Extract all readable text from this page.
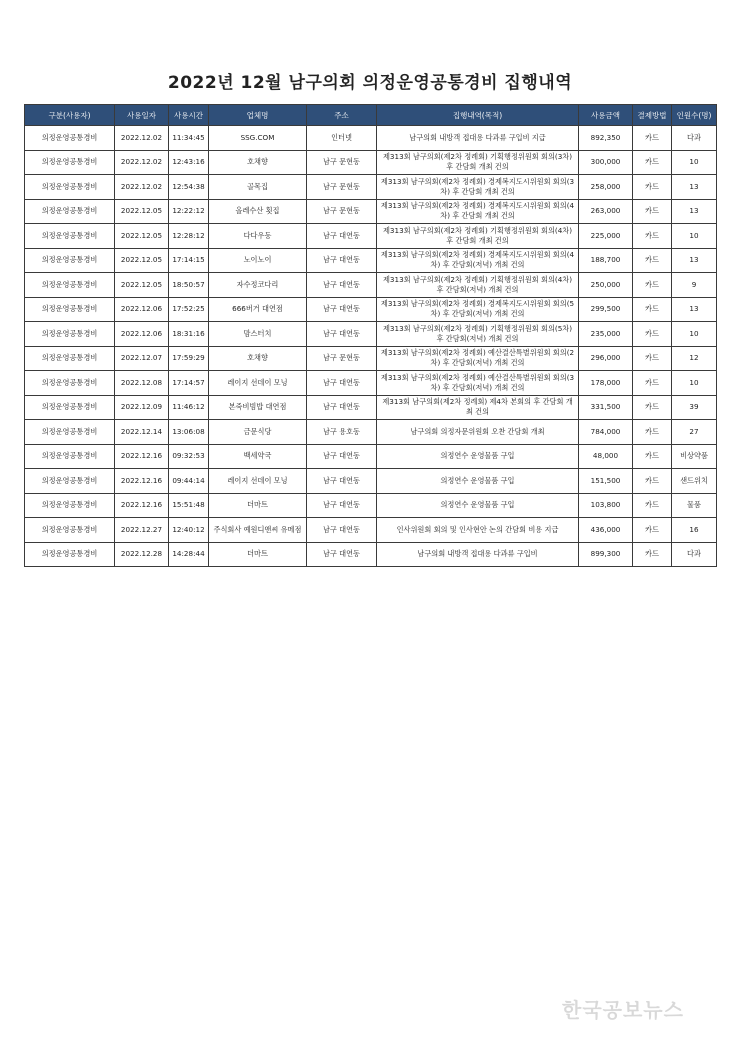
2022년 12월 남구의회 의정운영공통경비 집행내역
구분(사용자)	사용일자	사용시간	업체명	주소	집행내역(목적)	사용금액	결제방법	인원수(명)
의정운영공통경비	2022.12.02	11:34:45	SSG.COM	인터넷	남구의회 내방객 접대용 다과류 구입비 지급	892,350	카드	다과
의정운영공통경비	2022.12.02	12:43:16	호채향	남구 문현동	제313회 남구의회(제2차 정례회) 기획행정위원회 회의(3차) 후 간담회 개최 건의	300,000	카드	10
의정운영공통경비	2022.12.02	12:54:38	골목집	남구 문현동	제313회 남구의회(제2차 정례회) 경제복지도시위원회 회의(3차) 후 간담회 개최 건의	258,000	카드	13
의정운영공통경비	2022.12.05	12:22:12	올레수산 횟집	남구 문현동	제313회 남구의회(제2차 정례회) 경제복지도시위원회 회의(4차) 후 간담회 개최 건의	263,000	카드	13
의정운영공통경비	2022.12.05	12:28:12	다다우동	남구 대연동	제313회 남구의회(제2차 정례회) 기획행정위원회 회의(4차) 후 간담회 개최 건의	225,000	카드	10
의정운영공통경비	2022.12.05	17:14:15	노이노이	남구 대연동	제313회 남구의회(제2차 정례회) 경제복지도시위원회 회의(4차) 후 간담회(저녁) 개최 건의	188,700	카드	13
의정운영공통경비	2022.12.05	18:50:57	자수정코다리	남구 대연동	제313회 남구의회(제2차 정례회) 기획행정위원회 회의(4차) 후 간담회(저녁) 개최 건의	250,000	카드	9
의정운영공통경비	2022.12.06	17:52:25	666버거 대연점	남구 대연동	제313회 남구의회(제2차 정례회) 경제복지도시위원회 회의(5차) 후 간담회(저녁) 개최 건의	299,500	카드	13
의정운영공통경비	2022.12.06	18:31:16	맘스터치	남구 대연동	제313회 남구의회(제2차 정례회) 기획행정위원회 회의(5차) 후 간담회(저녁) 개최 건의	235,000	카드	10
의정운영공통경비	2022.12.07	17:59:29	호채향	남구 문현동	제313회 남구의회(제2차 정례회) 예산결산특별위원회 회의(2차) 후 간담회(저녁) 개최 건의	296,000	카드	12
의정운영공통경비	2022.12.08	17:14:57	레이지 선데이 모닝	남구 대연동	제313회 남구의회(제2차 정례회) 예산결산특별위원회 회의(3차) 후 간담회(저녁) 개최 건의	178,000	카드	10
의정운영공통경비	2022.12.09	11:46:12	본죽비빔밥 대연점	남구 대연동	제313회 남구의회(제2차 정례회) 제4차 본회의 후 간담회 개최 건의	331,500	카드	39
의정운영공통경비	2022.12.14	13:06:08	금문식당	남구 용호동	남구의회 의정자문위원회 오찬 간담회 개최	784,000	카드	27
의정운영공통경비	2022.12.16	09:32:53	백세약국	남구 대연동	의정연수 운영물품 구입	48,000	카드	비상약품
의정운영공통경비	2022.12.16	09:44:14	레이지 선데이 모닝	남구 대연동	의정연수 운영물품 구입	151,500	카드	샌드위치
의정운영공통경비	2022.12.16	15:51:48	더마트	남구 대연동	의정연수 운영물품 구입	103,800	카드	물품
의정운영공통경비	2022.12.27	12:40:12	주식회사 예원디앤씨 유메점	남구 대연동	인사위원회 회의 및 인사현안 논의 간담회 비용 지급	436,000	카드	16
의정운영공통경비	2022.12.28	14:28:44	더마트	남구 대연동	남구의회 내방객 접대용 다과류 구입비	899,300	카드	다과
한국공보뉴스
